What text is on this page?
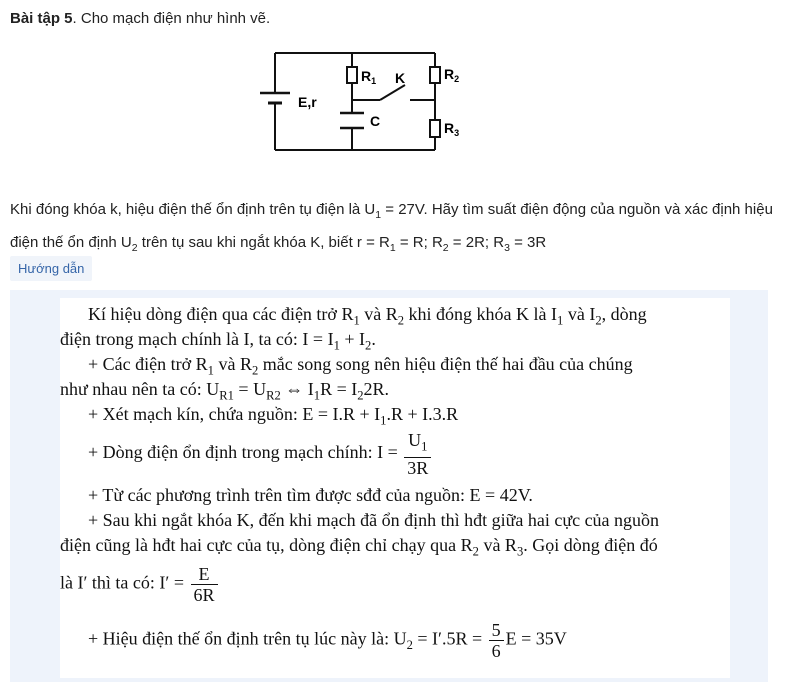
Bài tập 5. Cho mạch điện như hình vẽ.
E,r
$R_1$ K	$R_2$
C	$R_3$
Khi đóng khóa k, hiệu điện thế ổn định trên tụ điện là $U_1 = 27V$. Hãy tìm suất điện động của nguồn và xác định hiệu
điện thế ổn định $U_2$ trên tụ sau khi ngắt khóa K, biết $r = R_1 = R$; $R_2 = 2R$; $R_3 = 3R$
Hướng dẫn
Kí hiệu dòng điện qua các điện trở $R_1$ và $R_2$ khi đóng khóa K là $I_1$ và $I_2$, dòng
điện trong mạch chính là I, ta có: $I = I_1 + I_2$.
+ Các điện trở $R_1$ và $R_2$ mắc song song nên hiệu điện thế hai đầu của chúng
như nhau nên ta có: $U_{R1} = U_{R2}$ ⇔ $I_1R = I_22R$.
+ Xét mạch kín, chứa nguồn: $E = I.R + I_1.R + I.3.R$
+ Dòng điện ổn định trong mạch chính: $I = \frac{U_1}{3R}$
+ Từ các phương trình trên tìm được sđđ của nguồn: E = 42V.
+ Sau khi ngắt khóa K, đến khi mạch đã ổn định thì hđt giữa hai cực của nguồn
điện cũng là hđt hai cực của tụ, dòng điện chỉ chạy qua $R_2$ và $R_3$. Gọi dòng điện đó
là I′ thì ta có: $I' = \frac{E}{6R}$
+ Hiệu điện thế ổn định trên tụ lúc này là: $U_2 = I'.5R = \frac{5}{6}$ E = 35V
